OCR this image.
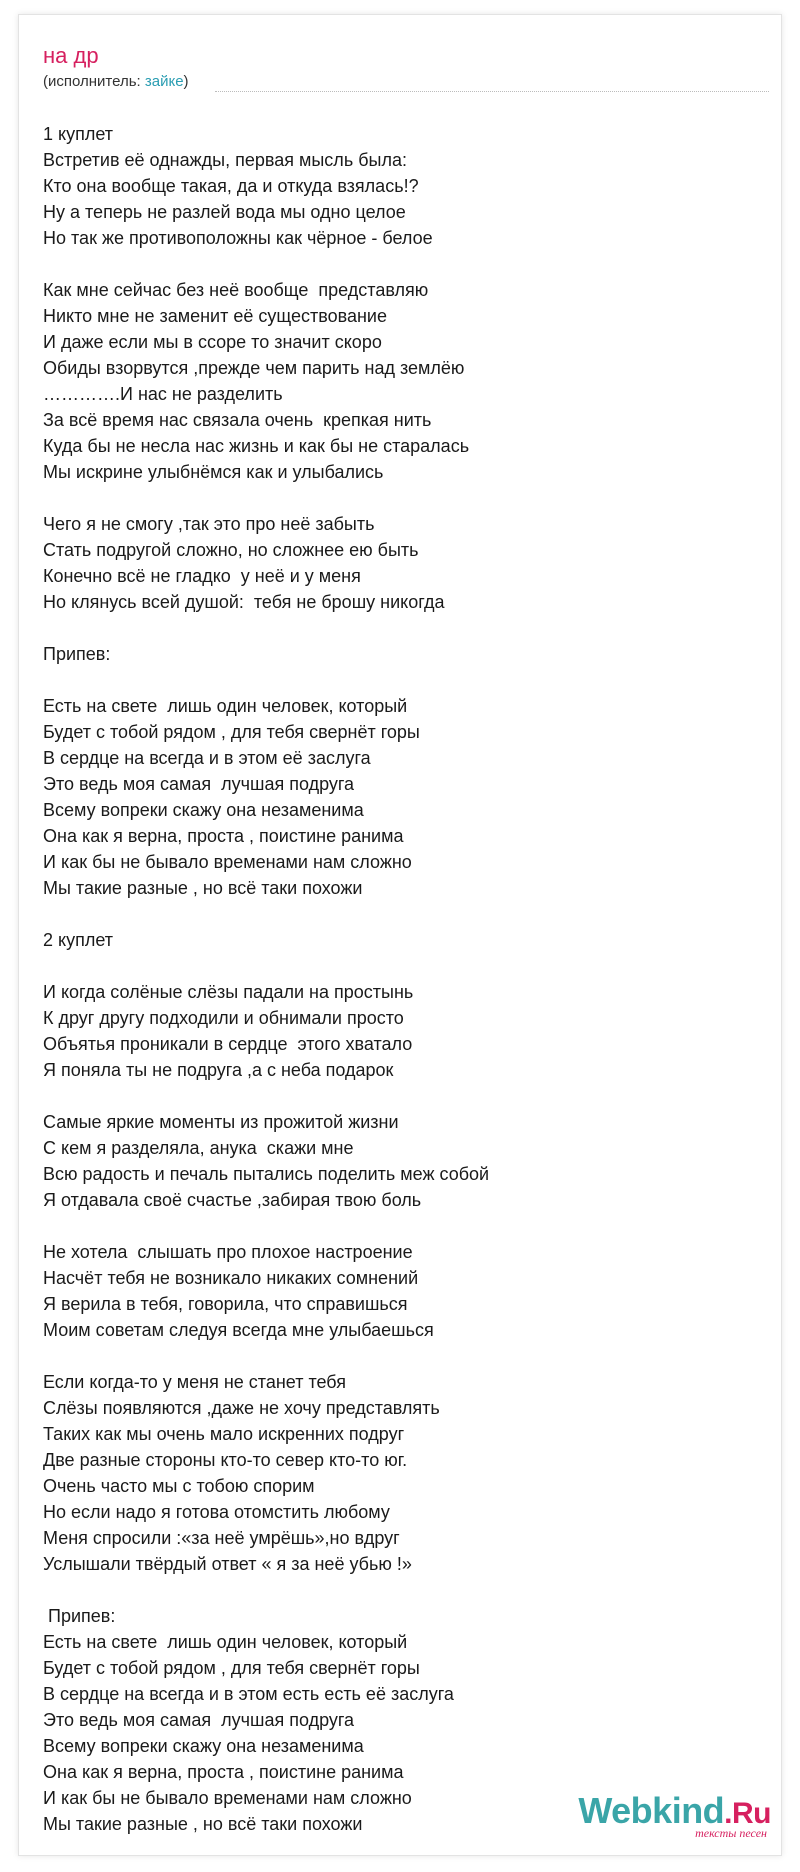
на др
(исполнитель: зайке)
1 куплет
Встретив её однажды, первая мысль была:
Кто она вообще такая, да и откуда взялась!?
Ну а теперь не разлей вода мы одно целое
Но так же противоположны как чёрное - белое
Как мне сейчас без неё вообще  представляю
Никто мне не заменит её существование
И даже если мы в ссоре то значит скоро
Обиды взорвутся ,прежде чем парить над землёю
………….И нас не разделить
За всё время нас связала очень  крепкая нить
Куда бы не несла нас жизнь и как бы не старалась
Мы искрине улыбнёмся как и улыбались
Чего я не смогу ,так это про неё забыть
Стать подругой сложно, но сложнее ею быть
Конечно всё не гладко  у неё и у меня
Но клянусь всей душой:  тебя не брошу никогда
Припев:
Есть на свете  лишь один человек, который
Будет с тобой рядом , для тебя свернёт горы
В сердце на всегда и в этом её заслуга
Это ведь моя самая  лучшая подруга
Всему вопреки скажу она незаменима
Она как я верна, проста , поистине ранима
И как бы не бывало временами нам сложно
Мы такие разные , но всё таки похожи
2 куплет
И когда солёные слёзы падали на простынь
К друг другу подходили и обнимали просто
Объятья проникали в сердце  этого хватало
Я поняла ты не подруга ,а с неба подарок
Самые яркие моменты из прожитой жизни
С кем я разделяла, анука  скажи мне
Всю радость и печаль пытались поделить меж собой
Я отдавала своё счастье ,забирая твою боль
Не хотела  слышать про плохое настроение
Насчёт тебя не возникало никаких сомнений
Я верила в тебя, говорила, что справишься
Моим советам следуя всегда мне улыбаешься
Если когда-то у меня не станет тебя
Слёзы появляются ,даже не хочу представлять
Таких как мы очень мало искренних подруг
Две разные стороны кто-то север кто-то юг.
Очень часто мы с тобою спорим
Но если надо я готова отомстить любому
Меня спросили :«за неё умрёшь»,но вдруг
Услышали твёрдый ответ « я за неё убью !»
Припев:
Есть на свете  лишь один человек, который
Будет с тобой рядом , для тебя свернёт горы
В сердце на всегда и в этом есть есть её заслуга
Это ведь моя самая  лучшая подруга
Всему вопреки скажу она незаменима
Она как я верна, проста , поистине ранима
И как бы не бывало временами нам сложно
Мы такие разные , но всё таки похожи	Webkind.Ru
тексты песен
